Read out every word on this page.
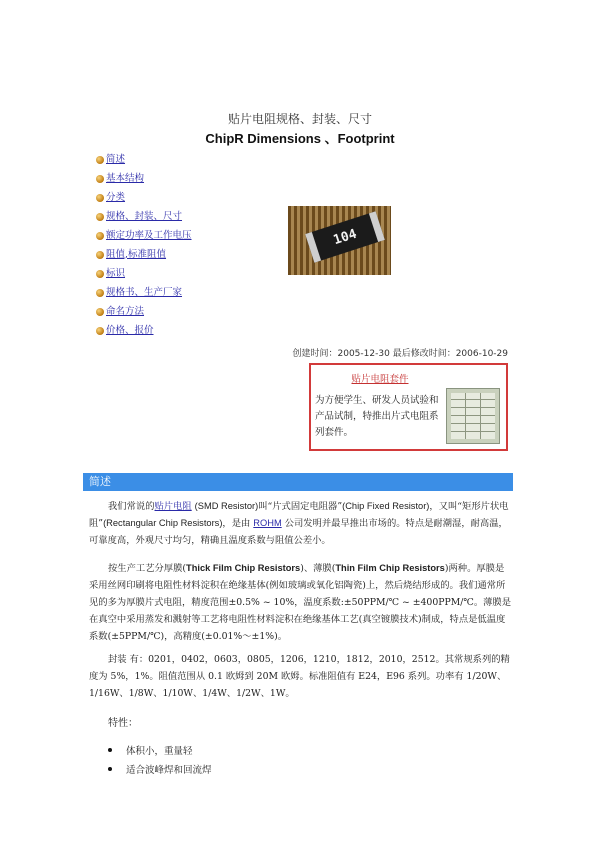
贴片电阻规格、封装、尺寸
ChipR Dimensions 、Footprint
简述
基本结构
分类
规格、封装、尺寸
额定功率及工作电压
阻值,标准阻值
标识
规格书、生产厂家
命名方法
价格、报价
104
创建时间：2005-12-30 最后修改时间：2006-10-29
贴片电阻套件
为方便学生、研发人员试验和产品试制，特推出片式电阻系列套件。
简述
我们常说的贴片电阻 (SMD Resistor)叫“片式固定电阻器”(Chip Fixed Resistor)，又叫“矩形片状电阻”(Rectangular Chip Resistors)，是由 ROHM 公司发明并最早推出市场的。特点是耐潮湿，耐高温，可靠度高，外观尺寸均匀，精确且温度系数与阻值公差小。
按生产工艺分厚膜(Thick Film Chip Resistors)、薄膜(Thin Film Chip Resistors)两种。厚膜是采用丝网印刷将电阻性材料淀积在绝缘基体(例如玻璃或氧化铝陶瓷)上，然后烧结形成的。我们通常所见的多为厚膜片式电阻，精度范围±0.5% ~ 10%，温度系数:±50PPM/℃ ~ ±400PPM/℃。薄膜是在真空中采用蒸发和溅射等工艺将电阻性材料淀积在绝缘基体工艺(真空镀膜技术)制成，特点是低温度系数(±5PPM/℃)，高精度(±0.01%～±1%)。
封装 有：0201，0402，0603，0805，1206，1210，1812，2010，2512。其常规系列的精度为 5%，1%。阻值范围从 0.1 欧姆到 20M 欧姆。标准阻值有 E24，E96 系列。功率有 1/20W、1/16W、1/8W、1/10W、1/4W、1/2W、1W。
特性：
体积小，重量轻
适合波峰焊和回流焊
